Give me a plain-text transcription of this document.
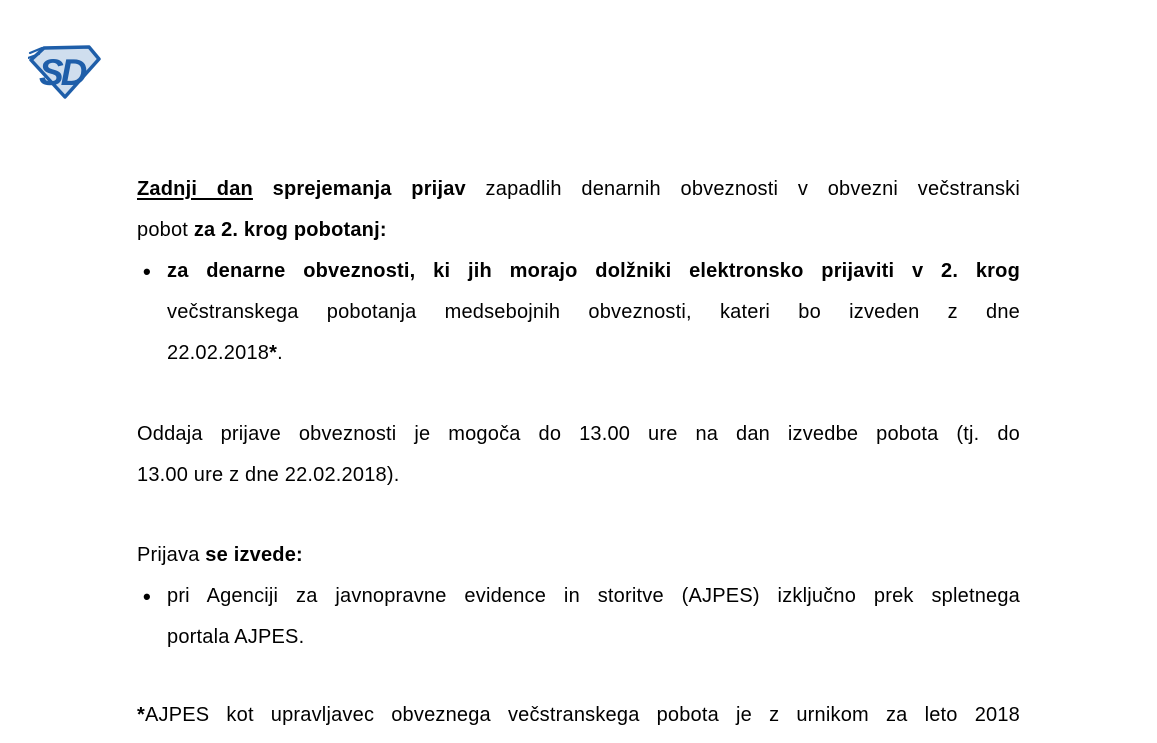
SD
Zadnji dan sprejemanja prijav zapadlih denarnih obveznosti v obvezni večstranski
pobot za 2. krog pobotanj:
• za denarne obveznosti, ki jih morajo dolžniki elektronsko prijaviti v 2. krog
večstranskega pobotanja medsebojnih obveznosti, kateri bo izveden z dne
22.02.2018*.
Oddaja prijave obveznosti je mogoča do 13.00 ure na dan izvedbe pobota (tj. do
13.00 ure z dne 22.02.2018).
Prijava se izvede:
• pri Agenciji za javnopravne evidence in storitve (AJPES) izključno prek spletnega
portala AJPES.
*AJPES kot upravljavec obveznega večstranskega pobota je z urnikom za leto 2018
